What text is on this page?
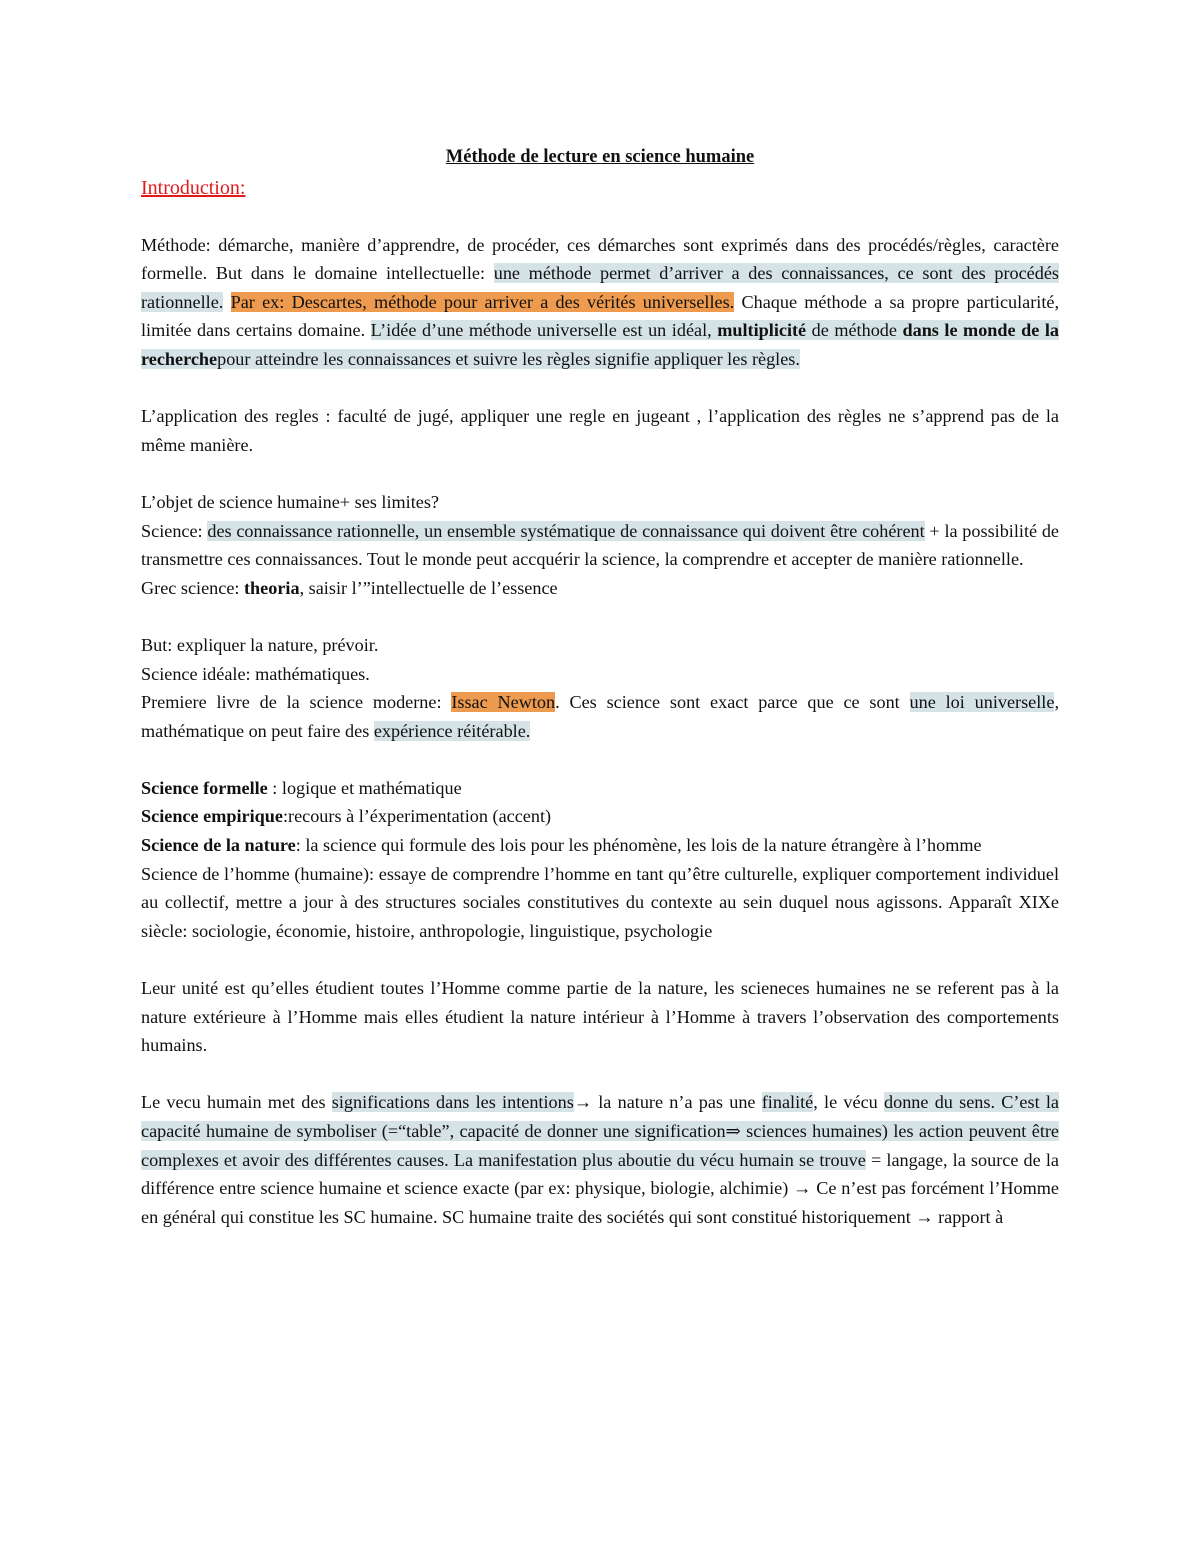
Méthode de lecture en science humaine
Introduction:

Méthode: démarche, manière d’apprendre, de procéder, ces démarches sont exprimés dans des procédés/règles, caractère formelle. But dans le domaine intellectuelle: une méthode permet d’arriver a des connaissances, ce sont des procédés rationnelle. Par ex: Descartes, méthode pour arriver a des vérités universelles. Chaque méthode a sa propre particularité, limitée dans certains domaine. L’idée d’une méthode universelle est un idéal, multiplicité de méthode dans le monde de la recherchepour atteindre les connaissances et suivre les règles signifie appliquer les règles.

L’application des regles : faculté de jugé, appliquer une regle en jugeant , l’application des règles ne s’apprend pas de la même manière.

L’objet de science humaine+ ses limites?

Science: des connaissance rationnelle, un ensemble systématique de connaissance qui doivent être cohérent + la possibilité de transmettre ces connaissances. Tout le monde peut accquérir la science, la comprendre et accepter de manière rationnelle.

Grec science: theoria, saisir l’”intellectuelle de l’essence

But: expliquer la nature, prévoir.

Science idéale: mathématiques.

Premiere livre de la science moderne: Issac Newton. Ces science sont exact parce que ce sont une loi universelle, mathématique on peut faire des expérience réitérable.

Science formelle : logique et mathématique

Science empirique:recours à l’éxperimentation (accent)

Science de la nature: la science qui formule des lois pour les phénomène, les lois de la nature étrangère à l’homme

Science de l’homme (humaine): essaye de comprendre l’homme en tant qu’être culturelle, expliquer comportement individuel au collectif, mettre a jour à des structures sociales constitutives du contexte au sein duquel nous agissons. Apparaît XIXe siècle: sociologie, économie, histoire, anthropologie, linguistique, psychologie

Leur unité est qu’elles étudient toutes l’Homme comme partie de la nature, les scieneces humaines ne se referent pas à la nature extérieure à l’Homme mais elles étudient la nature intérieur à l’Homme à travers l’observation des comportements humains.

Le vecu humain met des significations dans les intentions→ la nature n’a pas une finalité, le vécu donne du sens. C’est la capacité humaine de symboliser (=“table”, capacité de donner une signification⇒ sciences humaines) les action peuvent être complexes et avoir des différentes causes. La manifestation plus aboutie du vécu humain se trouve = langage, la source de la différence entre science humaine et science exacte (par ex: physique, biologie, alchimie) → Ce n’est pas forcément l’Homme en général qui constitue les SC humaine. SC humaine traite des sociétés qui sont constitué historiquement → rapport à
